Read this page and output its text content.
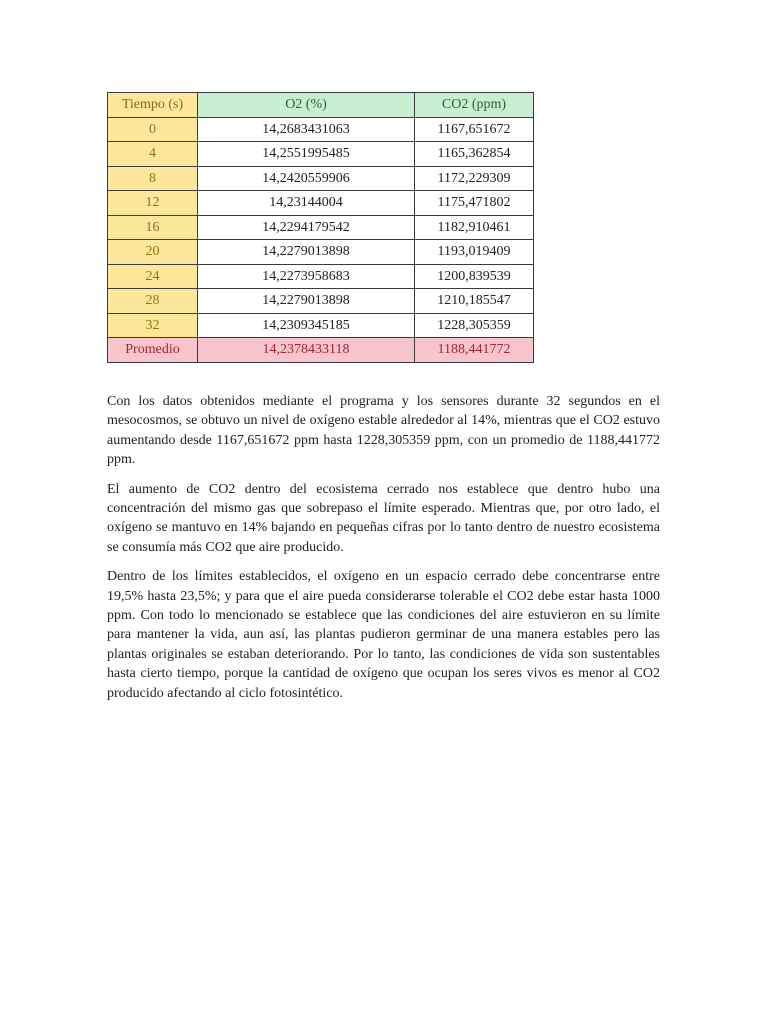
Tiempo (s)	O2 (%)	CO2 (ppm)
0	14,2683431063	1167,651672
4	14,2551995485	1165,362854
8	14,2420559906	1172,229309
12	14,23144004	1175,471802
16	14,2294179542	1182,910461
20	14,2279013898	1193,019409
24	14,2273958683	1200,839539
28	14,2279013898	1210,185547
32	14,2309345185	1228,305359
Promedio	14,2378433118	1188,441772

Con los datos obtenidos mediante el programa y los sensores durante 32 segundos en el mesocosmos, se obtuvo un nivel de oxígeno estable alrededor al 14%, mientras que el CO2 estuvo aumentando desde 1167,651672 ppm hasta 1228,305359 ppm, con un promedio de 1188,441772 ppm.

El aumento de CO2 dentro del ecosistema cerrado nos establece que dentro hubo una concentración del mismo gas que sobrepaso el límite esperado. Mientras que, por otro lado, el oxígeno se mantuvo en 14% bajando en pequeñas cifras por lo tanto dentro de nuestro ecosistema se consumía más CO2 que aire producido.

Dentro de los límites establecidos, el oxígeno en un espacio cerrado debe concentrarse entre 19,5% hasta 23,5%; y para que el aire pueda considerarse tolerable el CO2 debe estar hasta 1000 ppm. Con todo lo mencionado se establece que las condiciones del aire estuvieron en su límite para mantener la vida, aun así, las plantas pudieron germinar de una manera estables pero las plantas originales se estaban deteriorando. Por lo tanto, las condiciones de vida son sustentables hasta cierto tiempo, porque la cantidad de oxígeno que ocupan los seres vivos es menor al CO2 producido afectando al ciclo fotosintético.
